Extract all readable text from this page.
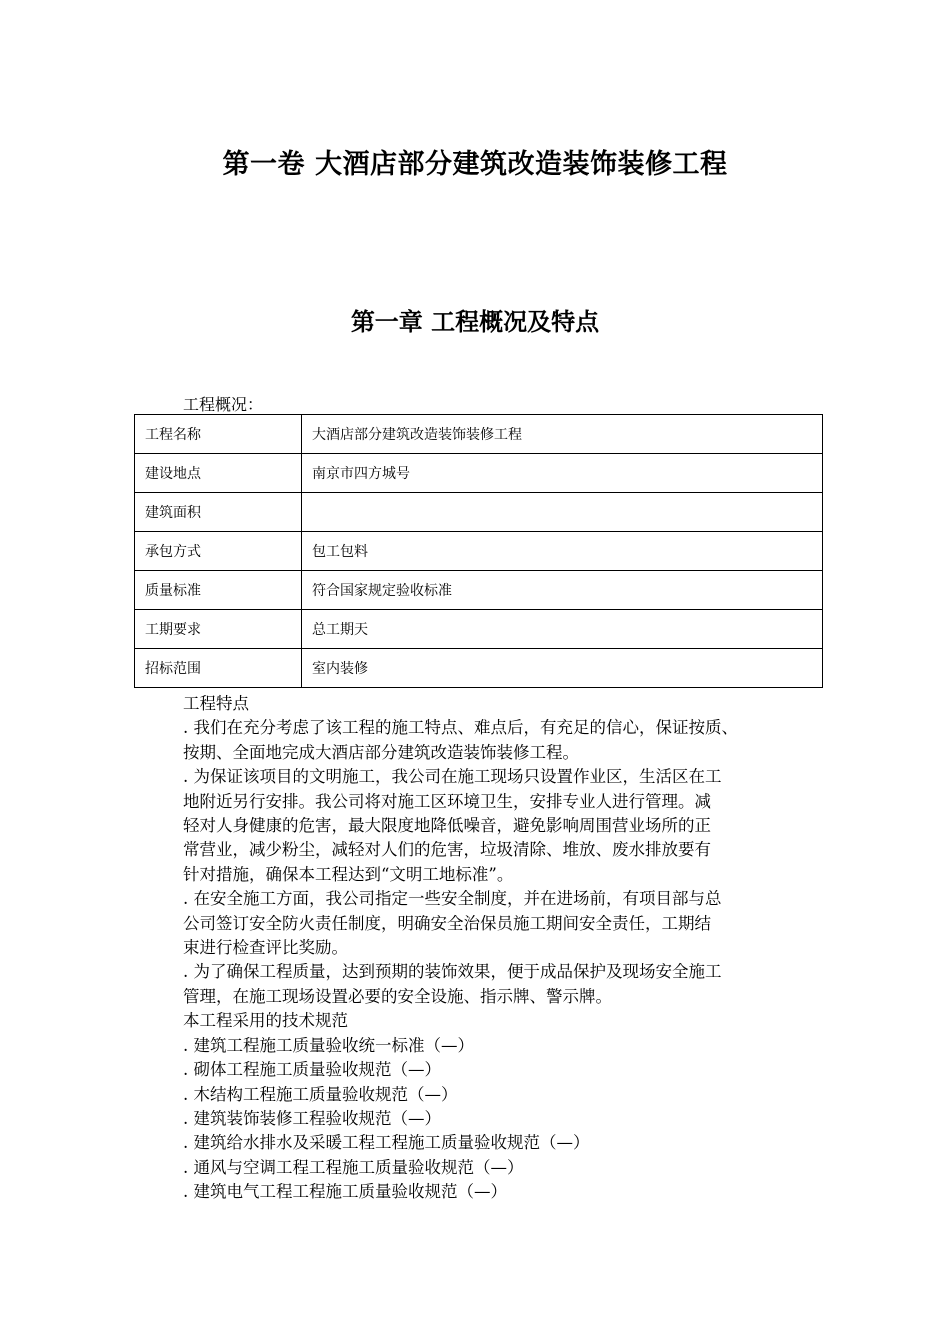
第一卷 大酒店部分建筑改造装饰装修工程
第一章 工程概况及特点
工程概况：
工程名称	大酒店部分建筑改造装饰装修工程
建设地点	南京市四方城号
建筑面积	
承包方式	包工包料
质量标准	符合国家规定验收标准
工期要求	总工期天
招标范围	室内装修
工程特点
. 我们在充分考虑了该工程的施工特点、难点后，有充足的信心，保证按质、
按期、全面地完成大酒店部分建筑改造装饰装修工程。
. 为保证该项目的文明施工，我公司在施工现场只设置作业区，生活区在工
地附近另行安排。我公司将对施工区环境卫生，安排专业人进行管理。减
轻对人身健康的危害，最大限度地降低噪音，避免影响周围营业场所的正
常营业，减少粉尘，减轻对人们的危害，垃圾清除、堆放、废水排放要有
针对措施，确保本工程达到“文明工地标准”。
. 在安全施工方面，我公司指定一些安全制度，并在进场前，有项目部与总
公司签订安全防火责任制度，明确安全治保员施工期间安全责任，工期结
束进行检查评比奖励。
. 为了确保工程质量，达到预期的装饰效果，便于成品保护及现场安全施工
管理，在施工现场设置必要的安全设施、指示牌、警示牌。
本工程采用的技术规范
. 建筑工程施工质量验收统一标准（—）
. 砌体工程施工质量验收规范（—）
. 木结构工程施工质量验收规范（—）
. 建筑装饰装修工程验收规范（—）
. 建筑给水排水及采暖工程工程施工质量验收规范（—）
. 通风与空调工程工程施工质量验收规范（—）
. 建筑电气工程工程施工质量验收规范（—）
